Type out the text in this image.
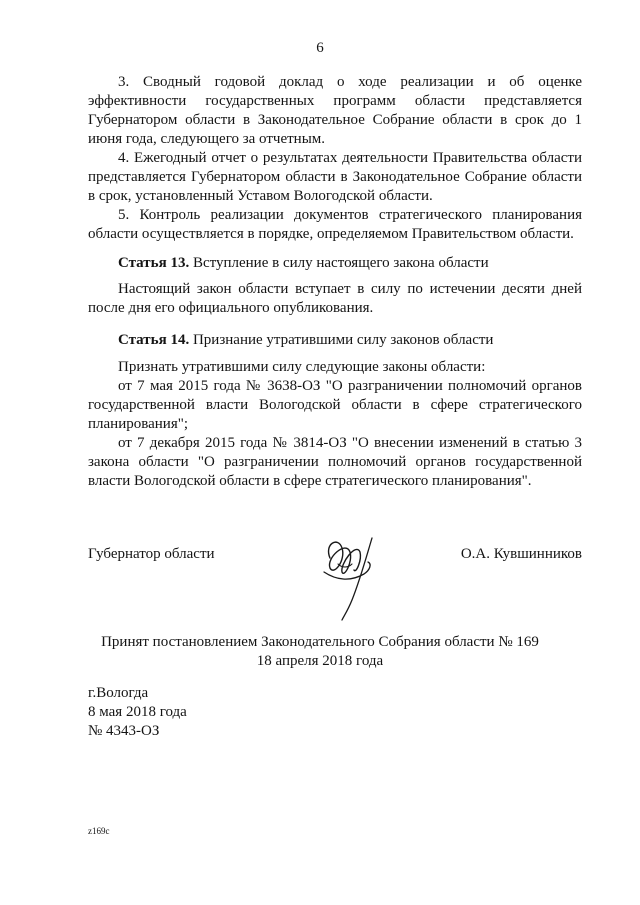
6

3. Сводный годовой доклад о ходе реализации и об оценке эффективности государственных программ области представляется Губернатором области в Законодательное Собрание области в срок до 1 июня года, следующего за отчетным.

4. Ежегодный отчет о результатах деятельности Правительства области представляется Губернатором области в Законодательное Собрание области в срок, установленный Уставом Вологодской области.

5. Контроль реализации документов стратегического планирования области осуществляется в порядке, определяемом Правительством области.

Статья 13. Вступление в силу настоящего закона области

Настоящий закон области вступает в силу по истечении десяти дней после дня его официального опубликования.

Статья 14. Признание утратившими силу законов области

Признать утратившими силу следующие законы области:

от 7 мая 2015 года № 3638-ОЗ "О разграничении полномочий органов государственной власти Вологодской области в сфере стратегического планирования";

от 7 декабря 2015 года № 3814-ОЗ "О внесении изменений в статью 3 закона области "О разграничении полномочий органов государственной власти Вологодской области в сфере стратегического планирования".

Губернатор области	О.А. Кувшинников
Принят постановлением Законодательного Собрания области № 169
18 апреля 2018 года
г.Вологда
8 мая 2018 года
№ 4343-ОЗ
z169c
